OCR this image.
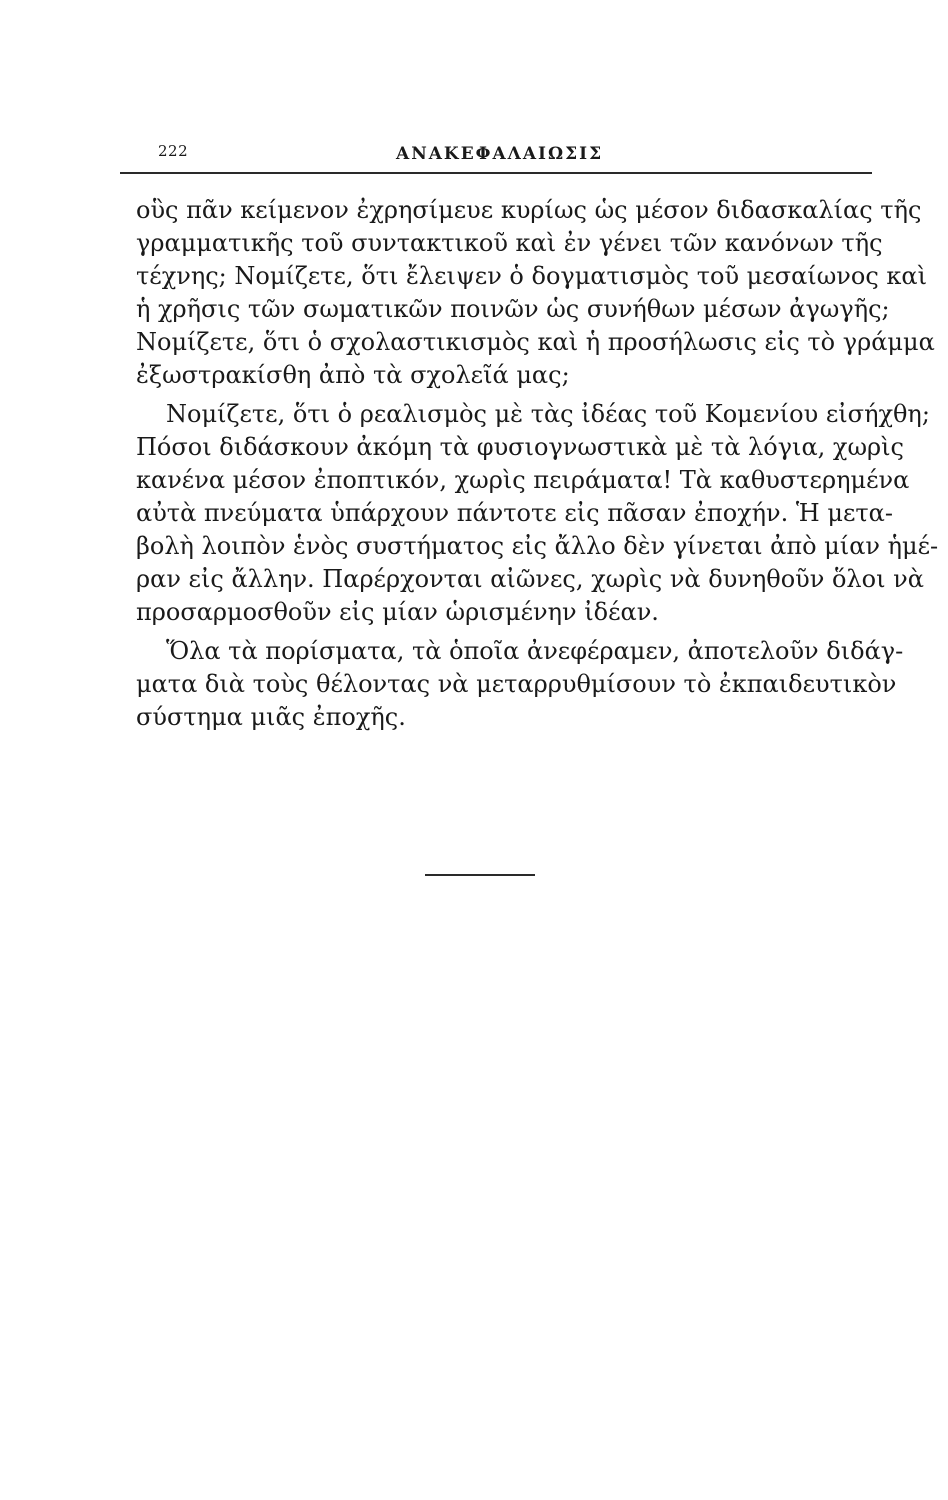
222	ΑΝΑΚΕΦΑΛΑΙΩΣΙΣ

οὓς πᾶν κείμενον ἐχρησίμευε κυρίως ὡς μέσον διδασκαλίας τῆς
γραμματικῆς τοῦ συντακτικοῦ καὶ ἐν γένει τῶν κανόνων τῆς
τέχνης; Νομίζετε, ὅτι ἔλειψεν ὁ δογματισμὸς τοῦ μεσαίωνος καὶ
ἡ χρῆσις τῶν σωματικῶν ποινῶν ὡς συνήθων μέσων ἀγωγῆς;
Νομίζετε, ὅτι ὁ σχολαστικισμὸς καὶ ἡ προσήλωσις εἰς τὸ γράμμα
ἐξωστρακίσθη ἀπὸ τὰ σχολεῖά μας;

Νομίζετε, ὅτι ὁ ρεαλισμὸς μὲ τὰς ἰδέας τοῦ Κομενίου εἰσήχθη;
Πόσοι διδάσκουν ἀκόμη τὰ φυσιογνωστικὰ μὲ τὰ λόγια, χωρὶς
κανένα μέσον ἐποπτικόν, χωρὶς πειράματα! Τὰ καθυστερημένα
αὐτὰ πνεύματα ὑπάρχουν πάντοτε εἰς πᾶσαν ἐποχήν. Ἡ μετα-
βολὴ λοιπὸν ἑνὸς συστήματος εἰς ἄλλο δὲν γίνεται ἀπὸ μίαν ἡμέ-
ραν εἰς ἄλλην. Παρέρχονται αἰῶνες, χωρὶς νὰ δυνηθοῦν ὅλοι νὰ
προσαρμοσθοῦν εἰς μίαν ὡρισμένην ἰδέαν.

Ὅλα τὰ πορίσματα, τὰ ὁποῖα ἀνεφέραμεν, ἀποτελοῦν διδάγ-
ματα διὰ τοὺς θέλοντας νὰ μεταρρυθμίσουν τὸ ἐκπαιδευτικὸν
σύστημα μιᾶς ἐποχῆς.
